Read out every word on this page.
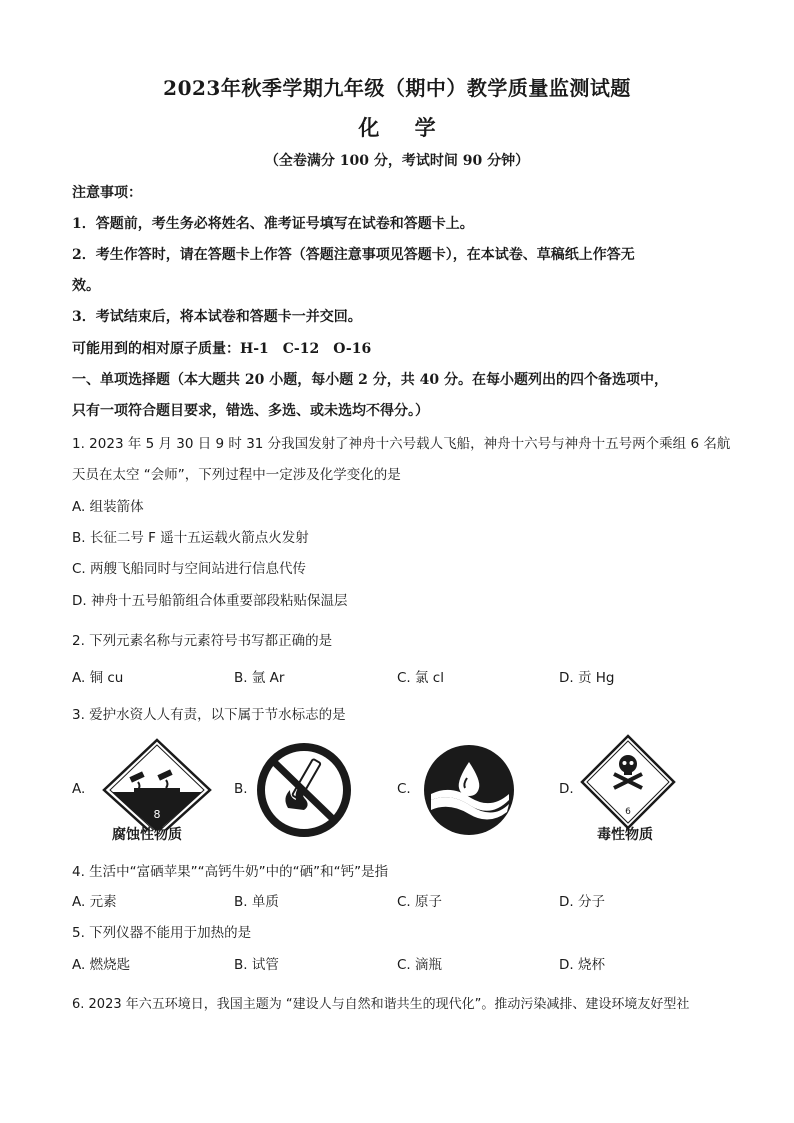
2023年秋季学期九年级（期中）教学质量监测试题
化 学
（全卷满分 100 分，考试时间 90 分钟）
注意事项：
1．答题前，考生务必将姓名、准考证号填写在试卷和答题卡上。
2．考生作答时，请在答题卡上作答（答题注意事项见答题卡），在本试卷、草稿纸上作答无
效。
3．考试结束后，将本试卷和答题卡一并交回。
可能用到的相对原子质量：H-1　C-12　O-16
一、单项选择题（本大题共 20 小题，每小题 2 分，共 40 分。在每小题列出的四个备选项中，
只有一项符合题目要求，错选、多选、或未选均不得分。）
1. 2023 年 5 月 30 日 9 时 31 分我国发射了神舟十六号载人飞船，神舟十六号与神舟十五号两个乘组 6 名航
天员在太空 “会师”，下列过程中一定涉及化学变化的是
A. 组装箭体
B. 长征二号 F 遥十五运载火箭点火发射
C. 两艘飞船同时与空间站进行信息代传
D. 神舟十五号船箭组合体重要部段粘贴保温层
2. 下列元素名称与元素符号书写都正确的是
A. 铜 cu	B. 氩 Ar	C. 氯 cl	D. 贡 Hg
3. 爱护水资人人有责，以下属于节水标志的是
A.
8
腐蚀性物质
B.	C.	D.
6
毒性物质
4. 生活中“富硒苹果”“高钙牛奶”中的“硒”和“钙”是指
A. 元素	B. 单质	C. 原子	D. 分子
5. 下列仪器不能用于加热的是
A. 燃烧匙	B. 试管	C. 滴瓶	D. 烧杯
6. 2023 年六五环境日，我国主题为 “建设人与自然和谐共生的现代化”。推动污染减排、建设环境友好型社
